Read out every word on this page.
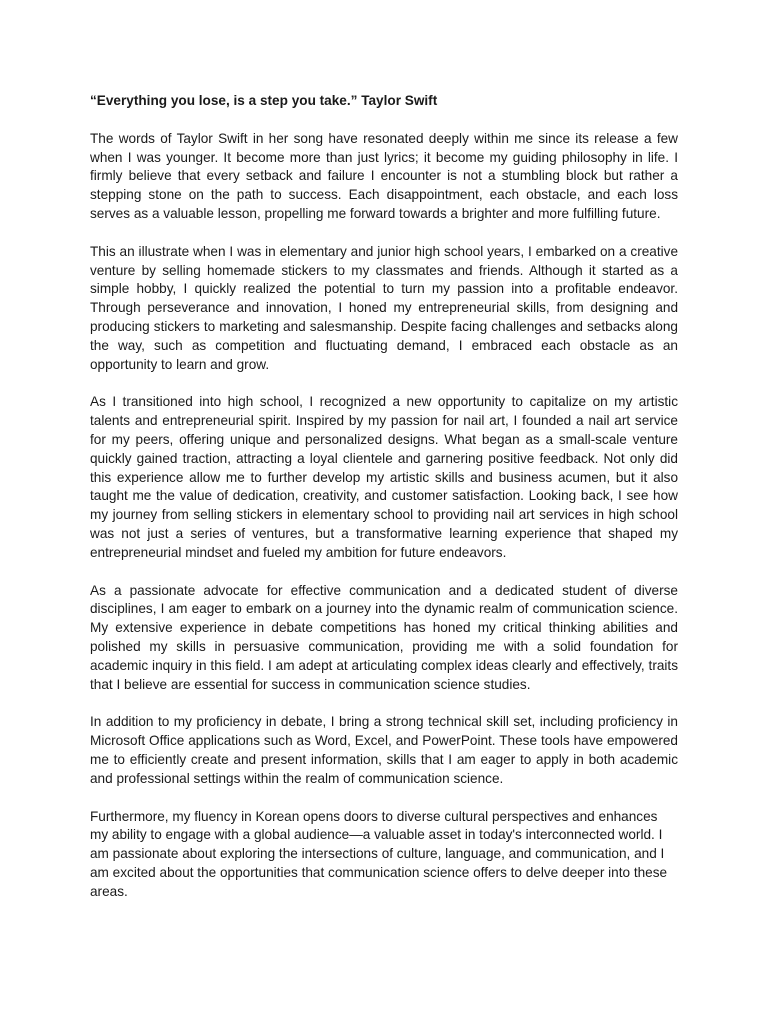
“Everything you lose, is a step you take.” Taylor Swift

The words of Taylor Swift in her song have resonated deeply within me since its release a few when I was younger. It become more than just lyrics; it become my guiding philosophy in life. I firmly believe that every setback and failure I encounter is not a stumbling block but rather a stepping stone on the path to success. Each disappointment, each obstacle, and each loss serves as a valuable lesson, propelling me forward towards a brighter and more fulfilling future.

This an illustrate when I was in elementary and junior high school years, I embarked on a creative venture by selling homemade stickers to my classmates and friends. Although it started as a simple hobby, I quickly realized the potential to turn my passion into a profitable endeavor. Through perseverance and innovation, I honed my entrepreneurial skills, from designing and producing stickers to marketing and salesmanship. Despite facing challenges and setbacks along the way, such as competition and fluctuating demand, I embraced each obstacle as an opportunity to learn and grow.

As I transitioned into high school, I recognized a new opportunity to capitalize on my artistic talents and entrepreneurial spirit. Inspired by my passion for nail art, I founded a nail art service for my peers, offering unique and personalized designs. What began as a small-scale venture quickly gained traction, attracting a loyal clientele and garnering positive feedback. Not only did this experience allow me to further develop my artistic skills and business acumen, but it also taught me the value of dedication, creativity, and customer satisfaction. Looking back, I see how my journey from selling stickers in elementary school to providing nail art services in high school was not just a series of ventures, but a transformative learning experience that shaped my entrepreneurial mindset and fueled my ambition for future endeavors.

As a passionate advocate for effective communication and a dedicated student of diverse disciplines, I am eager to embark on a journey into the dynamic realm of communication science. My extensive experience in debate competitions has honed my critical thinking abilities and polished my skills in persuasive communication, providing me with a solid foundation for academic inquiry in this field. I am adept at articulating complex ideas clearly and effectively, traits that I believe are essential for success in communication science studies.

In addition to my proficiency in debate, I bring a strong technical skill set, including proficiency in Microsoft Office applications such as Word, Excel, and PowerPoint. These tools have empowered me to efficiently create and present information, skills that I am eager to apply in both academic and professional settings within the realm of communication science.

Furthermore, my fluency in Korean opens doors to diverse cultural perspectives and enhances my ability to engage with a global audience—a valuable asset in today's interconnected world. I am passionate about exploring the intersections of culture, language, and communication, and I am excited about the opportunities that communication science offers to delve deeper into these areas.
